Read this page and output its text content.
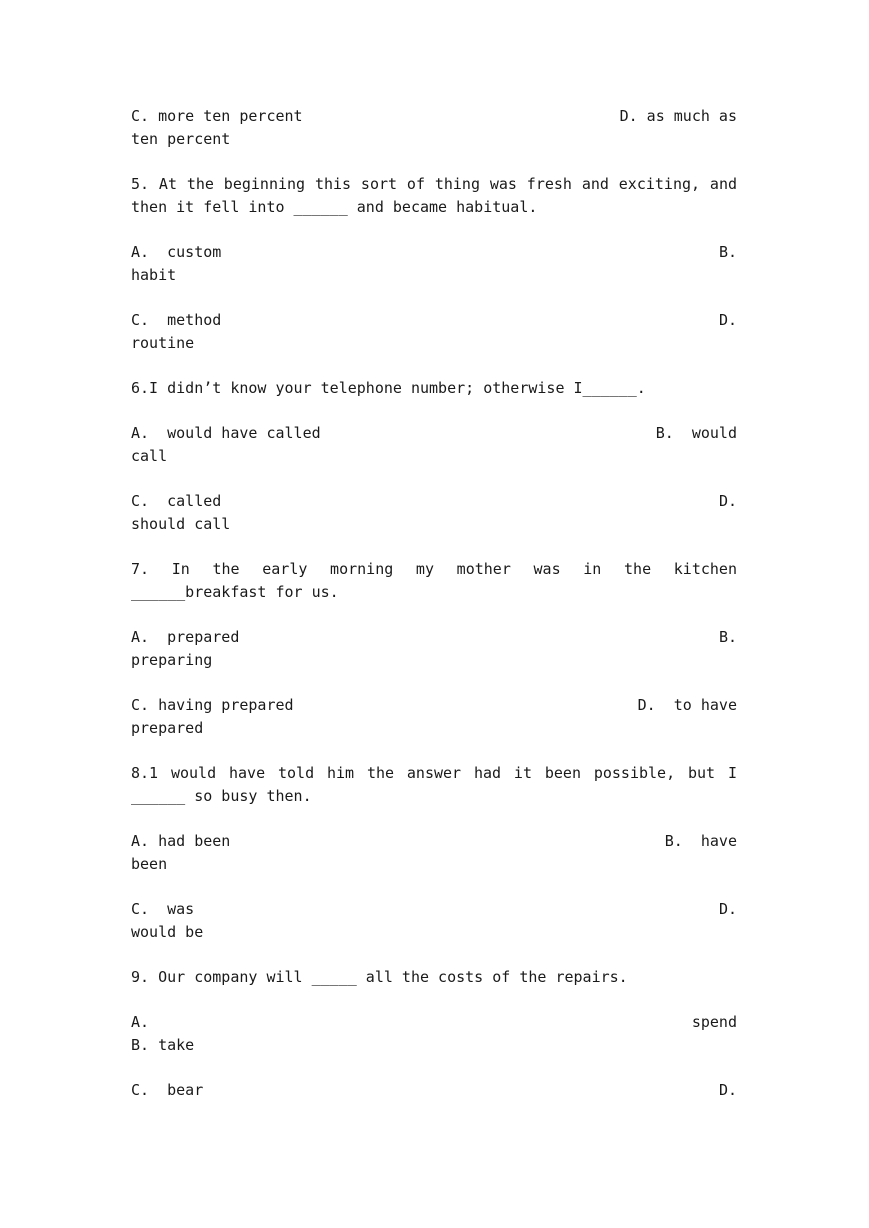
C. more ten percent	D. as much as
ten percent
5. At the beginning this sort of thing was fresh and exciting, and then it fell into ______ and became habitual.
A.  custom	B.
habit
C.  method	D.
routine
6.I didn’t know your telephone number; otherwise I______.
A.  would have called	B.  would
call
C.  called	D.
should call
7. In the early morning my mother was in the kitchen ______breakfast for us.
A.  prepared	B.
preparing
C. having prepared	D.  to have
prepared
8.1 would have told him the answer had it been possible, but I ______ so busy then.
A. had been	B.  have
been
C.  was	D.
would be
9. Our company will _____ all the costs of the repairs.
A.	spend
B. take
C.  bear	D.
